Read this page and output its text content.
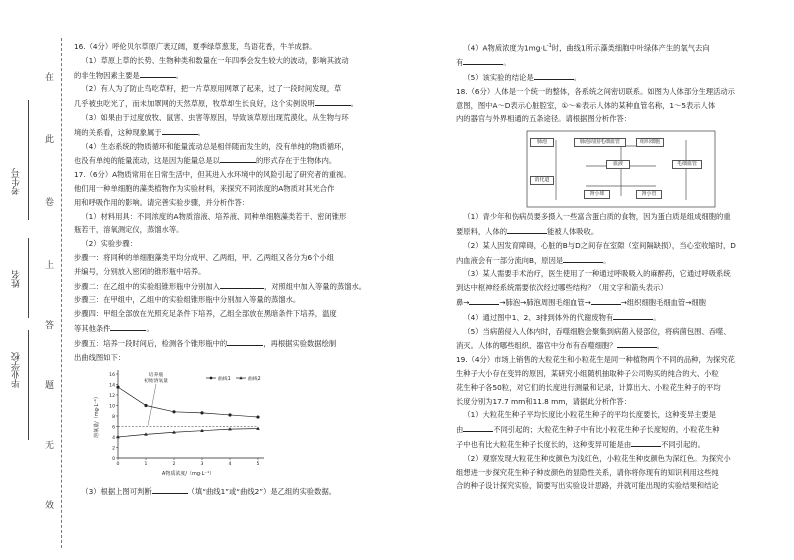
在
此
卷
上
答
题
无
效
考生号
姓名
毕业学校

16.（4分）呼伦贝尔草原广袤辽阔，夏季绿草葱茏，鸟语花香，牛羊成群。

（1）草原上草的长势、生物种类和数量在一年四季会发生较大的波动，影响其波动

的非生物因素主要是	。

（2）有人为了防止鸟吃草籽，把一片草原用网罩了起来，过了一段时间发现，草

几乎被虫吃光了，而未加罩网的天然草原，牧草却生长良好，这个实例说明	。

（3）如果由于过度放牧、鼠害、虫害等原因，导致该草原出现荒漠化，从生物与环

境的关系看，这种现象属于	。

（4）生态系统的物质循环和能量流动总是相伴随而发生的，没有单纯的物质循环，

也没有单纯的能量流动，这是因为能量总是以	的形式存在于生物体内。

17.（6分）A物质常用在日常生活中，但其进入水环境中的风险引起了研究者的重视。

他们用一种单细胞的藻类植物作为实验材料，来探究不同浓度的A物质对其光合作

用和呼吸作用的影响。请完善实验步骤，并分析作答：

（1）材料用具：不同浓度的A物质溶液、培养液、同种单细胞藻类若干、密闭锥形

瓶若干，溶氧测定仪，蒸馏水等。

（2）实验步骤：

步骤一：将同种的单细胞藻类平均分成甲、乙两组，甲、乙两组又各分为6个小组

并编号，分别放入密闭的锥形瓶中培养。

步骤二：在乙组中的实验组锥形瓶中分别加入	，对照组中加入等量的蒸馏水。

步骤三：在甲组中，乙组中的实验组锥形瓶中分别加入等量的蒸馏水。

步骤四：甲组全部放在光照充足条件下培养，乙组全部放在黑暗条件下培养，温度

等其他条件	。

步骤五：培养一段时间后，检测各个锥形瓶中的	，再根据实验数据绘制

出曲线图如下：

0
2
4
6
8
10
12
14
16
0	1	2	3	4	5
A物质浓度/（mg·L⁻¹）
溶氧量/（mg·L⁻¹）
培养瓶
初始溶氧量	曲线1	曲线2

（3）根据上图可判断	（填“曲线1”或“曲线2”）是乙组的实验数据。

（4）A物质浓度为$1mg\cdot L^{-1}$时，曲线1所示藻类细胞中叶绿体产生的氧气去向

有	。

（5）该实验的结论是	。

18.（6分）人体是一个统一的整体，各系统之间密切联系。如图为人体部分生理活动示

意图，图中A～D表示心脏腔室，①～⑥表示人体的某种血管名称，1～5表示人体

内的器官与外界相通的五条途径。请根据图分析作答：

肺泡	肺泡周围毛细血管	组织细胞
毛细血管
消化道
血液
肾小球	肾小管

（1）青少年和伤病员要多摄入一些富含蛋白质的食物，因为蛋白质是组成细胞的重

要原料，人体的	能被人体吸收。

（2）某人因发育障碍，心脏的B与D之间存在室隙（室间隔缺损），当心室收缩时，D

内血液会有一部分流向B，原因是	。

（3）某人需要手术治疗，医生使用了一种通过呼吸吸入的麻醉药，它通过呼吸系统

到达中枢神经系统需要依次经过哪些结构？（用文字和箭头表示）

鼻→	→肺泡→肺泡周围毛细血管→	→组织细胞毛细血管→细胞

（4）通过图中1、2、3排到体外的代谢废物有	。

（5）当病菌侵入人体内时，吞噬细胞会聚集到病菌入侵部位，将病菌包围、吞噬、

消灭。人体的哪些组织、器官中分布有吞噬细胞？	。

19.（4分）市场上销售的大粒花生和小粒花生是同一种植物两个不同的品种，为探究花

生种子大小存在变异的原因，某研究小组随机抽取种子公司购买的纯合的大、小粒

花生种子各50粒，对它们的长度进行测量和记录，计算出大、小粒花生种子的平均

长度分别为17.7 mm和11.8 mm，请据此分析作答：

（1）大粒花生种子平均长度比小粒花生种子的平均长度要长，这种变异主要是

由	不同引起的；大粒花生种子中有比小粒花生种子长度短的，小粒花生种

子中也有比大粒花生种子长度长的，这种变异可能是由	不同引起的。

（2）观察发现大粒花生种皮颜色为浅红色，小粒花生种皮颜色为深红色。为探究小

组想进一步探究花生种子种皮颜色的显隐性关系，请你将你现有的知识利用这些纯

合的种子设计探究实验，简要写出实验设计思路，并就可能出现的实验结果和结论
